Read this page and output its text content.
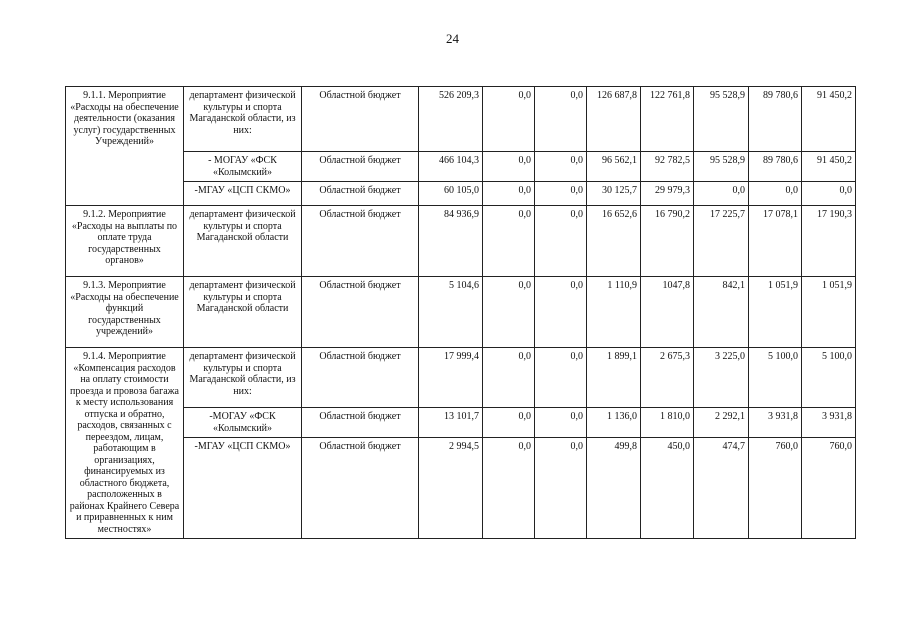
24
9.1.1. Мероприятие «Расходы на обеспечение деятельности (оказания услуг) государственных Учреждений»	департамент физической культуры и спорта Магаданской области, из них:	Областной бюджет	526 209,3	0,0	0,0	126 687,8	122 761,8	95 528,9	89 780,6	91 450,2
	- МОГАУ «ФСК «Колымский»	Областной бюджет	466 104,3	0,0	0,0	96 562,1	92 782,5	95 528,9	89 780,6	91 450,2
	-МГАУ «ЦСП СКМО»	Областной бюджет	60 105,0	0,0	0,0	30 125,7	29 979,3	0,0	0,0	0,0
9.1.2. Мероприятие «Расходы на выплаты по оплате труда государственных органов»	департамент физической культуры и спорта Магаданской области	Областной бюджет	84 936,9	0,0	0,0	16 652,6	16 790,2	17 225,7	17 078,1	17 190,3
9.1.3. Мероприятие «Расходы на обеспечение функций государственных учреждений»	департамент физической культуры и спорта Магаданской области	Областной бюджет	5 104,6	0,0	0,0	1 110,9	1047,8	842,1	1 051,9	1 051,9
9.1.4. Мероприятие «Компенсация расходов на оплату стоимости проезда и провоза багажа к месту использования отпуска и обратно, расходов, связанных с переездом, лицам, работающим в организациях, финансируемых из областного бюджета, расположенных в районах Крайнего Севера и приравненных к ним местностях»	департамент физической культуры и спорта Магаданской области, из них:	Областной бюджет	17 999,4	0,0	0,0	1 899,1	2 675,3	3 225,0	5 100,0	5 100,0
	-МОГАУ «ФСК «Колымский»	Областной бюджет	13 101,7	0,0	0,0	1 136,0	1 810,0	2 292,1	3 931,8	3 931,8
	-МГАУ «ЦСП СКМО»	Областной бюджет	2 994,5	0,0	0,0	499,8	450,0	474,7	760,0	760,0
